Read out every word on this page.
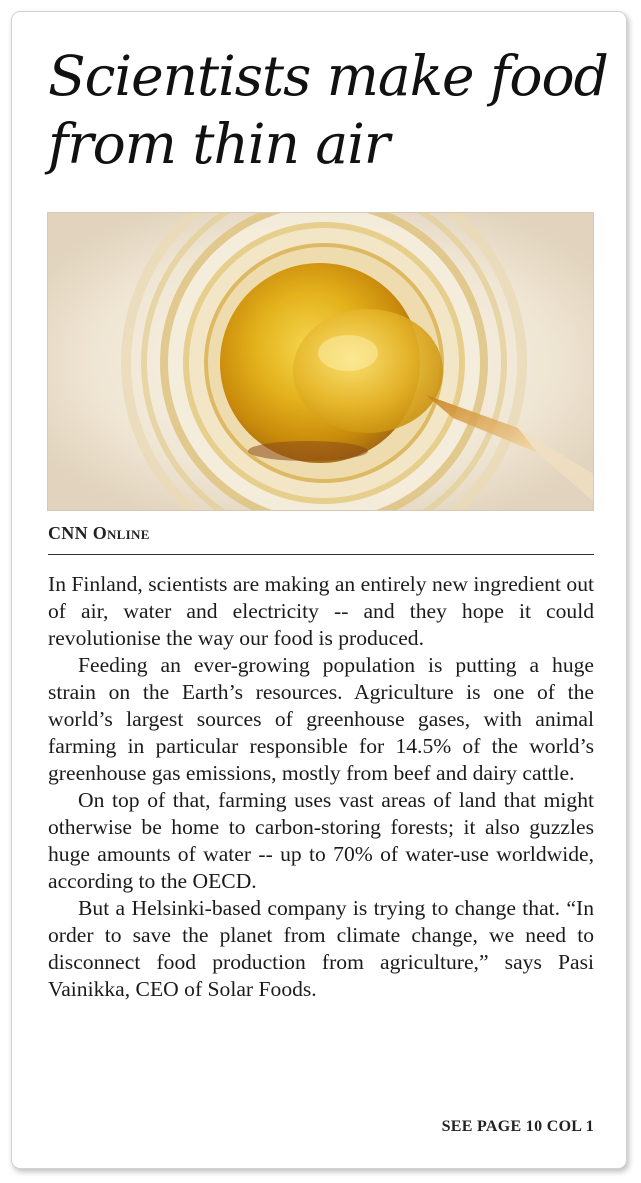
Scientists make food
from thin air
CNN Online

In Finland, scientists are making an entirely new ingredient out of air, water and electricity -- and they hope it could revolutionise the way our food is produced.

Feeding an ever-growing population is putting a huge strain on the Earth’s resources. Agriculture is one of the world’s largest sources of greenhouse gases, with animal farming in particular responsible for 14.5% of the world’s greenhouse gas emissions, mostly from beef and dairy cattle.

On top of that, farming uses vast areas of land that might otherwise be home to carbon-storing forests; it also guzzles huge amounts of water -- up to 70% of water-use worldwide, according to the OECD.

But a Helsinki-based company is trying to change that. “In order to save the planet from climate change, we need to disconnect food production from agriculture,” says Pasi Vainikka, CEO of Solar Foods.

SEE PAGE 10 COL 1
